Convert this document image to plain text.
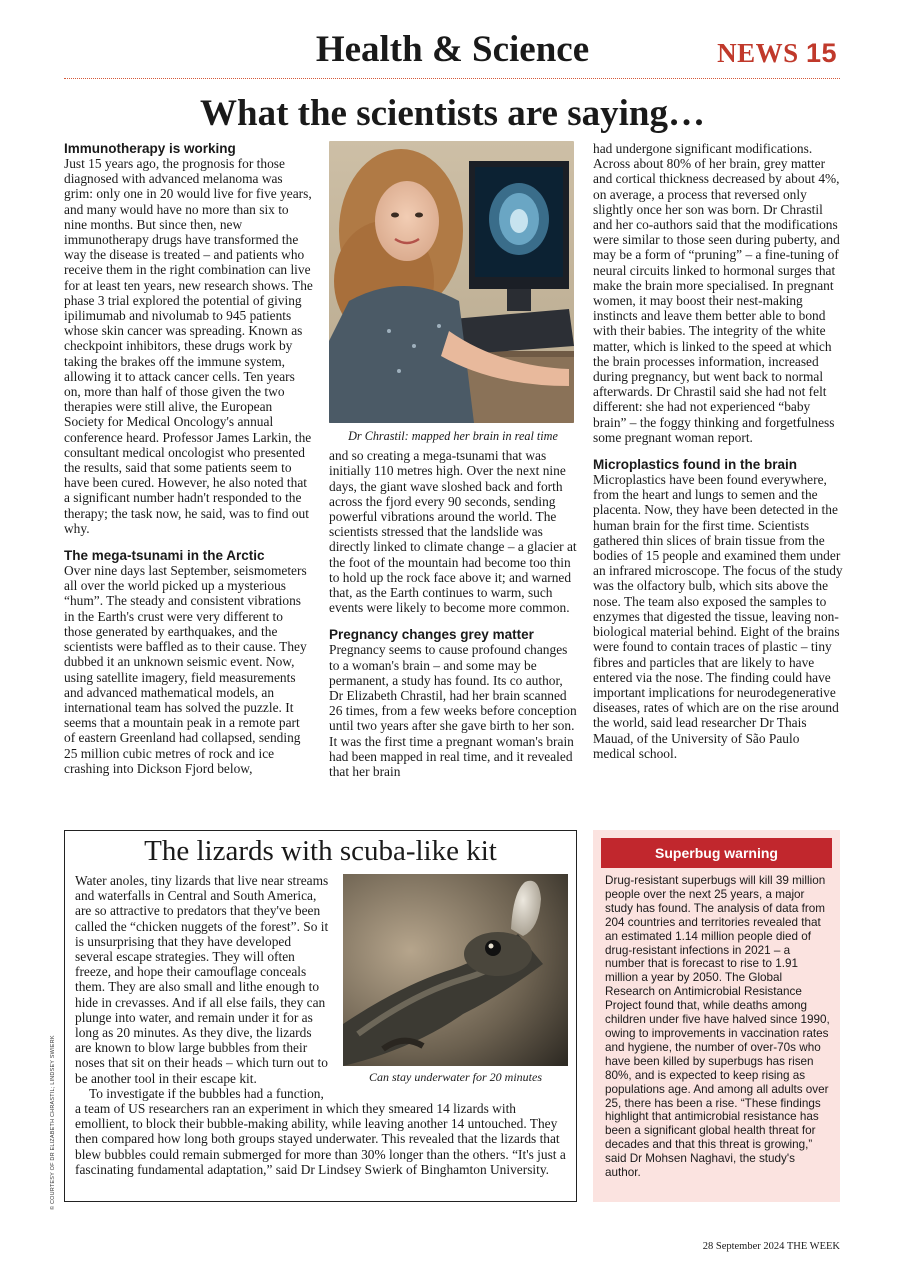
Health & Science	NEWS 15
What the scientists are saying…
Immunotherapy is working

Just 15 years ago, the prognosis for those diagnosed with advanced melanoma was grim: only one in 20 would live for five years, and many would have no more than six to nine months. But since then, new immunotherapy drugs have transformed the way the disease is treated – and patients who receive them in the right combination can live for at least ten years, new research shows. The phase 3 trial explored the potential of giving ipilimumab and nivolumab to 945 patients whose skin cancer was spreading. Known as checkpoint inhibitors, these drugs work by taking the brakes off the immune system, allowing it to attack cancer cells. Ten years on, more than half of those given the two therapies were still alive, the European Society for Medical Oncology's annual conference heard. Professor James Larkin, the consultant medical oncologist who presented the results, said that some patients seem to have been cured. However, he also noted that a significant number hadn't responded to the therapy; the task now, he said, was to find out why.

The mega-tsunami in the Arctic

Over nine days last September, seismometers all over the world picked up a mysterious “hum”. The steady and consistent vibrations in the Earth's crust were very different to those generated by earthquakes, and the scientists were baffled as to their cause. They dubbed it an unknown seismic event. Now, using satellite imagery, field measurements and advanced mathematical models, an international team has solved the puzzle. It seems that a mountain peak in a remote part of eastern Greenland had collapsed, sending 25 million cubic metres of rock and ice crashing into Dickson Fjord below,

Dr Chrastil: mapped her brain in real time

and so creating a mega-tsunami that was initially 110 metres high. Over the next nine days, the giant wave sloshed back and forth across the fjord every 90 seconds, sending powerful vibrations around the world. The scientists stressed that the landslide was directly linked to climate change – a glacier at the foot of the mountain had become too thin to hold up the rock face above it; and warned that, as the Earth continues to warm, such events were likely to become more common.

Pregnancy changes grey matter

Pregnancy seems to cause profound changes to a woman's brain – and some may be permanent, a study has found. Its co author, Dr Elizabeth Chrastil, had her brain scanned 26 times, from a few weeks before conception until two years after she gave birth to her son. It was the first time a pregnant woman's brain had been mapped in real time, and it revealed that her brain

had undergone significant modifications. Across about 80% of her brain, grey matter and cortical thickness decreased by about 4%, on average, a process that reversed only slightly once her son was born. Dr Chrastil and her co-authors said that the modifications were similar to those seen during puberty, and may be a form of “pruning” – a fine-tuning of neural circuits linked to hormonal surges that make the brain more specialised. In pregnant women, it may boost their nest-making instincts and leave them better able to bond with their babies. The integrity of the white matter, which is linked to the speed at which the brain processes information, increased during pregnancy, but went back to normal afterwards. Dr Chrastil said she had not felt different: she had not experienced “baby brain” – the foggy thinking and forgetfulness some pregnant woman report.

Microplastics found in the brain

Microplastics have been found everywhere, from the heart and lungs to semen and the placenta. Now, they have been detected in the human brain for the first time. Scientists gathered thin slices of brain tissue from the bodies of 15 people and examined them under an infrared microscope. The focus of the study was the olfactory bulb, which sits above the nose. The team also exposed the samples to enzymes that digested the tissue, leaving non-biological material behind. Eight of the brains were found to contain traces of plastic – tiny fibres and particles that are likely to have entered via the nose. The finding could have important implications for neurodegenerative diseases, rates of which are on the rise around the world, said lead researcher Dr Thais Mauad, of the University of São Paulo medical school.

The lizards with scuba-like kit
Can stay underwater for 20 minutes

Water anoles, tiny lizards that live near streams and waterfalls in Central and South America, are so attractive to predators that they've been called the “chicken nuggets of the forest”. So it is unsurprising that they have developed several escape strategies. They will often freeze, and hope their camouflage conceals them. They are also small and lithe enough to hide in crevasses. And if all else fails, they can plunge into water, and remain under it for as long as 20 minutes. As they dive, the lizards are known to blow large bubbles from their noses that sit on their heads – which turn out to be another tool in their escape kit.

To investigate if the bubbles had a function, a team of US researchers ran an experiment in which they smeared 14 lizards with emollient, to block their bubble-making ability, while leaving another 14 untouched. They then compared how long both groups stayed underwater. This revealed that the lizards that blew bubbles could remain submerged for more than 30% longer than the others. “It's just a fascinating fundamental adaptation,” said Dr Lindsey Swierk of Binghamton University.

Superbug warning

Drug-resistant superbugs will kill 39 million people over the next 25 years, a major study has found. The analysis of data from 204 countries and territories revealed that an estimated 1.14 million people died of drug-resistant infections in 2021 – a number that is forecast to rise to 1.91 million a year by 2050. The Global Research on Antimicrobial Resistance Project found that, while deaths among children under five have halved since 1990, owing to improvements in vaccination rates and hygiene, the number of over-70s who have been killed by superbugs has risen 80%, and is expected to keep rising as populations age. And among all adults over 25, there has been a rise. “These findings highlight that antimicrobial resistance has been a significant global health threat for decades and that this threat is growing,” said Dr Mohsen Naghavi, the study's author.

© COURTESY OF DR ELIZABETH CHRASTIL; LINDSEY SWIERK
28 September 2024 THE WEEK
